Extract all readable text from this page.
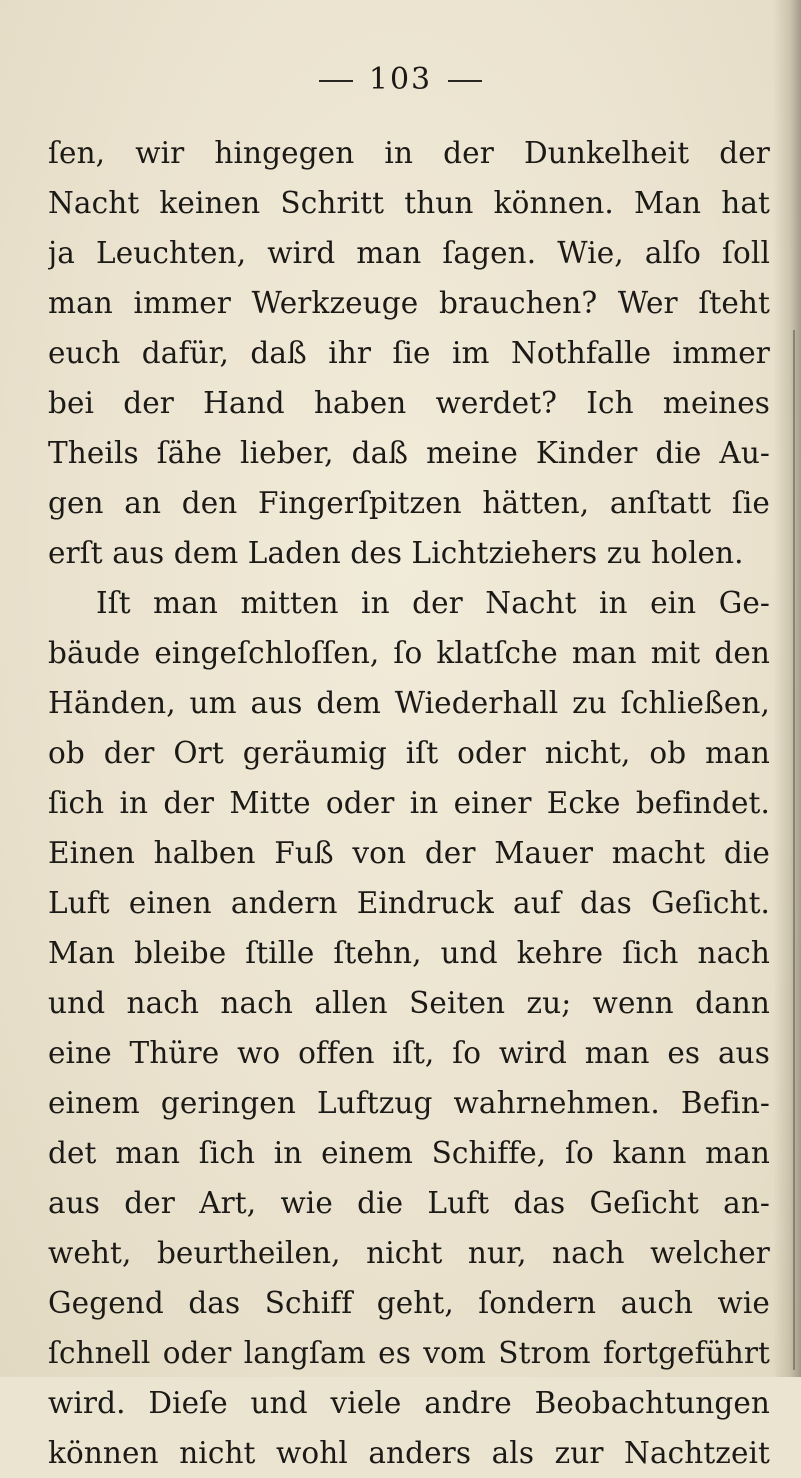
103
ſen, wir hingegen in der Dunkelheit der
Nacht keinen Schritt thun können. Man hat
ja Leuchten, wird man ſagen. Wie, alſo ſoll
man immer Werkzeuge brauchen? Wer ſteht
euch dafür, daß ihr ſie im Nothfalle immer
bei der Hand haben werdet? Ich meines
Theils ſähe lieber, daß meine Kinder die Au-
gen an den Fingerſpitzen hätten, anſtatt ſie
erſt aus dem Laden des Lichtziehers zu holen.
Iſt man mitten in der Nacht in ein Ge-
bäude eingeſchloſſen, ſo klatſche man mit den
Händen, um aus dem Wiederhall zu ſchließen,
ob der Ort geräumig iſt oder nicht, ob man
ſich in der Mitte oder in einer Ecke befindet.
Einen halben Fuß von der Mauer macht die
Luft einen andern Eindruck auf das Geſicht.
Man bleibe ſtille ſtehn, und kehre ſich nach
und nach nach allen Seiten zu; wenn dann
eine Thüre wo offen iſt, ſo wird man es aus
einem geringen Luftzug wahrnehmen. Befin-
det man ſich in einem Schiffe, ſo kann man
aus der Art, wie die Luft das Geſicht an-
weht, beurtheilen, nicht nur, nach welcher
Gegend das Schiff geht, ſondern auch wie
ſchnell oder langſam es vom Strom fortgeführt
wird. Dieſe und viele andre Beobachtungen
können nicht wohl anders als zur Nachtzeit
